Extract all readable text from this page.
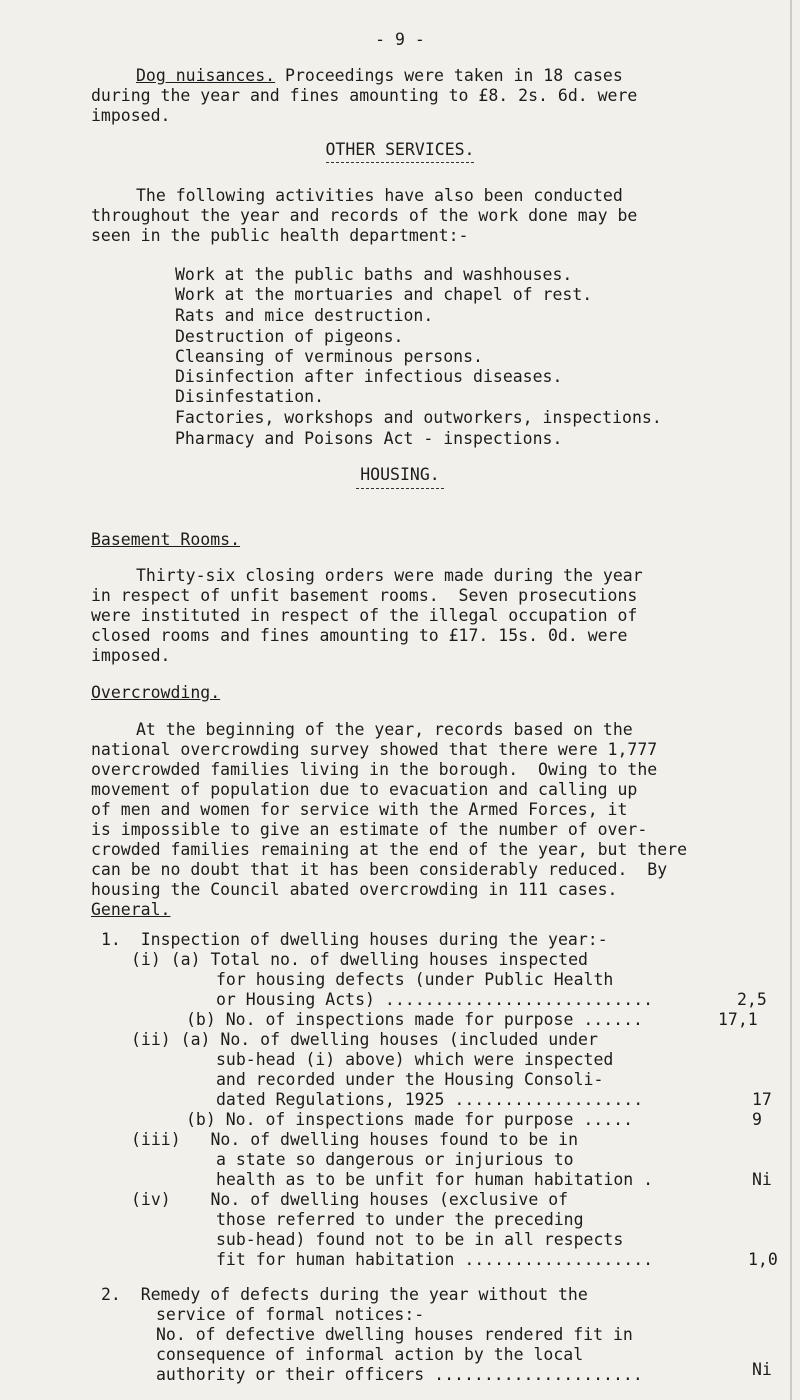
- 9 -
Dog nuisances. Proceedings were taken in 18 cases
during the year and fines amounting to £8. 2s. 6d. were
imposed.
OTHER SERVICES.
The following activities have also been conducted
throughout the year and records of the work done may be
seen in the public health department:-
Work at the public baths and washhouses.
Work at the mortuaries and chapel of rest.
Rats and mice destruction.
Destruction of pigeons.
Cleansing of verminous persons.
Disinfection after infectious diseases.
Disinfestation.
Factories, workshops and outworkers, inspections.
Pharmacy and Poisons Act - inspections.
HOUSING.
Basement Rooms.
Thirty-six closing orders were made during the year
in respect of unfit basement rooms.  Seven prosecutions
were instituted in respect of the illegal occupation of
closed rooms and fines amounting to £17. 15s. 0d. were
imposed.
Overcrowding.
At the beginning of the year, records based on the
national overcrowding survey showed that there were 1,777
overcrowded families living in the borough.  Owing to the
movement of population due to evacuation and calling up
of men and women for service with the Armed Forces, it
is impossible to give an estimate of the number of over-
crowded families remaining at the end of the year, but there
can be no doubt that it has been considerably reduced.  By
housing the Council abated overcrowding in 111 cases.
General.
1.  Inspection of dwelling houses during the year:-
(i) (a) Total no. of dwelling houses inspected
for housing defects (under Public Health
or Housing Acts) ...........................	2,5
(b) No. of inspections made for purpose ......	17,1
(ii) (a) No. of dwelling houses (included under
sub-head (i) above) which were inspected
and recorded under the Housing Consoli-
dated Regulations, 1925 ...................	17
(b) No. of inspections made for purpose .....	9
(iii)   No. of dwelling houses found to be in
a state so dangerous or injurious to
health as to be unfit for human habitation .	Ni
(iv)    No. of dwelling houses (exclusive of
those referred to under the preceding
sub-head) found not to be in all respects
fit for human habitation ...................	1,0
2.  Remedy of defects during the year without the
service of formal notices:-
No. of defective dwelling houses rendered fit in
consequence of informal action by the local
authority or their officers .....................	Ni
